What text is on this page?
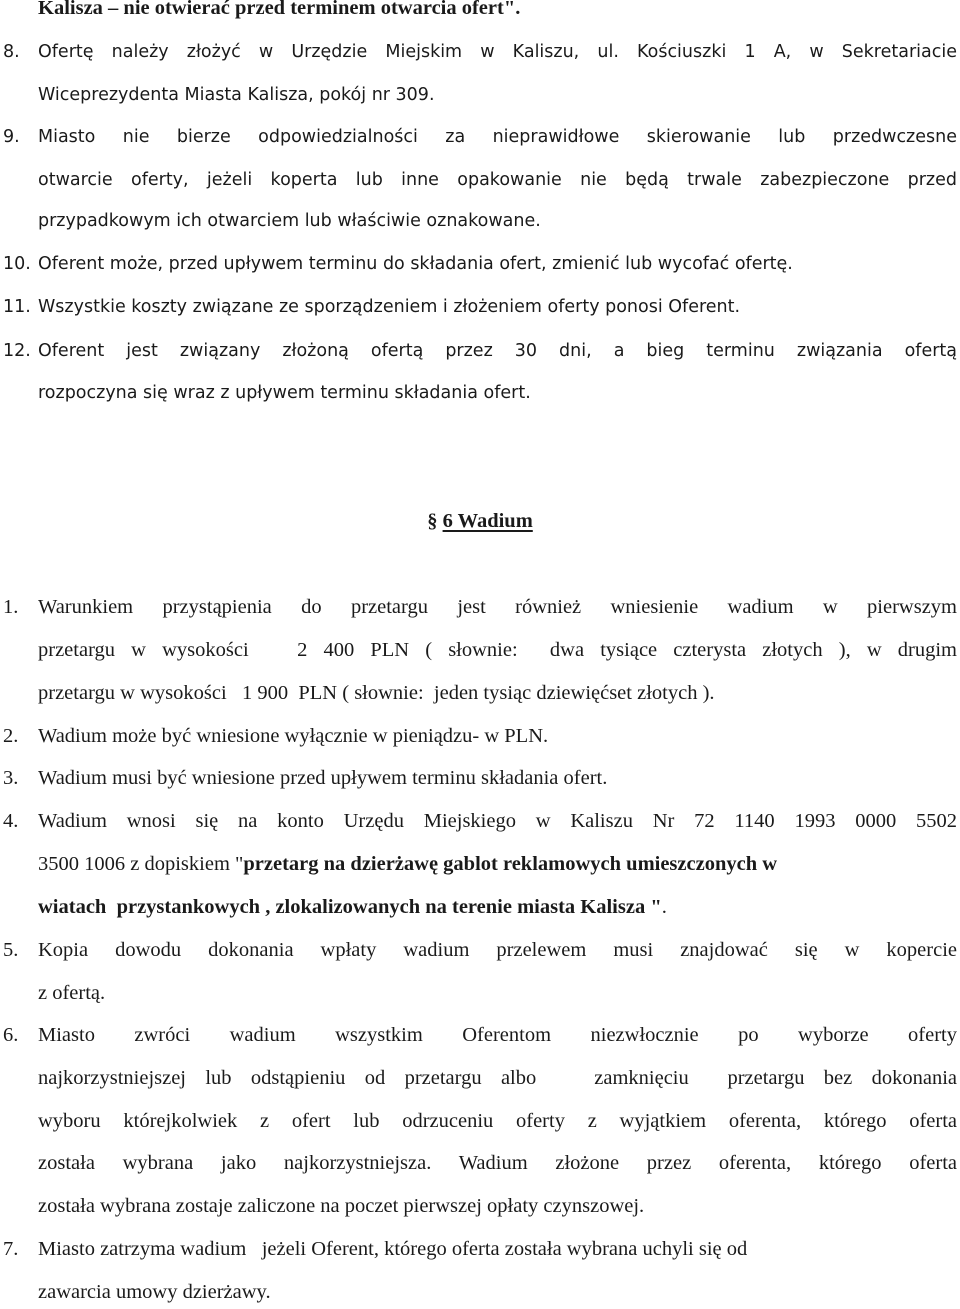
Kalisza – nie otwierać przed terminem otwarcia ofert".
8. Ofertę należy złożyć w Urzędzie Miejskim w Kaliszu, ul. Kościuszki 1 A, w Sekretariacie
Wiceprezydenta Miasta Kalisza, pokój nr 309.
9. Miasto nie bierze odpowiedzialności za nieprawidłowe skierowanie lub przedwczesne
otwarcie oferty, jeżeli koperta lub inne opakowanie nie będą trwale zabezpieczone przed
przypadkowym ich otwarciem lub właściwie oznakowane.
10. Oferent może, przed upływem terminu do składania ofert, zmienić lub wycofać ofertę.
11. Wszystkie koszty związane ze sporządzeniem i złożeniem oferty ponosi Oferent.
12. Oferent jest związany złożoną ofertą przez 30 dni, a bieg terminu związania ofertą
rozpoczyna się wraz z upływem terminu składania ofert.
§ 6 Wadium
1. Warunkiem przystąpienia do przetargu jest również wniesienie wadium w pierwszym
przetargu w wysokości   2 400 PLN ( słownie:  dwa tysiące czterysta złotych ), w drugim
przetargu w wysokości   1 900  PLN ( słownie:  jeden tysiąc dziewięćset złotych ).
2. Wadium może być wniesione wyłącznie w pieniądzu- w PLN.
3. Wadium musi być wniesione przed upływem terminu składania ofert.
4. Wadium wnosi się na konto Urzędu Miejskiego w Kaliszu Nr 72 1140 1993 0000 5502
3500 1006 z dopiskiem "przetarg na dzierżawę gablot reklamowych umieszczonych w
wiatach  przystankowych , zlokalizowanych na terenie miasta Kalisza ".
5. Kopia dowodu dokonania wpłaty wadium przelewem musi znajdować się w kopercie
z ofertą.
6. Miasto zwróci wadium wszystkim Oferentom niezwłocznie po wyborze oferty
najkorzystniejszej lub odstąpieniu od przetargu albo   zamknięciu  przetargu bez dokonania
wyboru którejkolwiek z ofert lub odrzuceniu oferty z wyjątkiem oferenta, którego oferta
została wybrana jako najkorzystniejsza. Wadium złożone przez oferenta, którego oferta
została wybrana zostaje zaliczone na poczet pierwszej opłaty czynszowej.
7. Miasto zatrzyma wadium   jeżeli Oferent, którego oferta została wybrana uchyli się od
zawarcia umowy dzierżawy.
